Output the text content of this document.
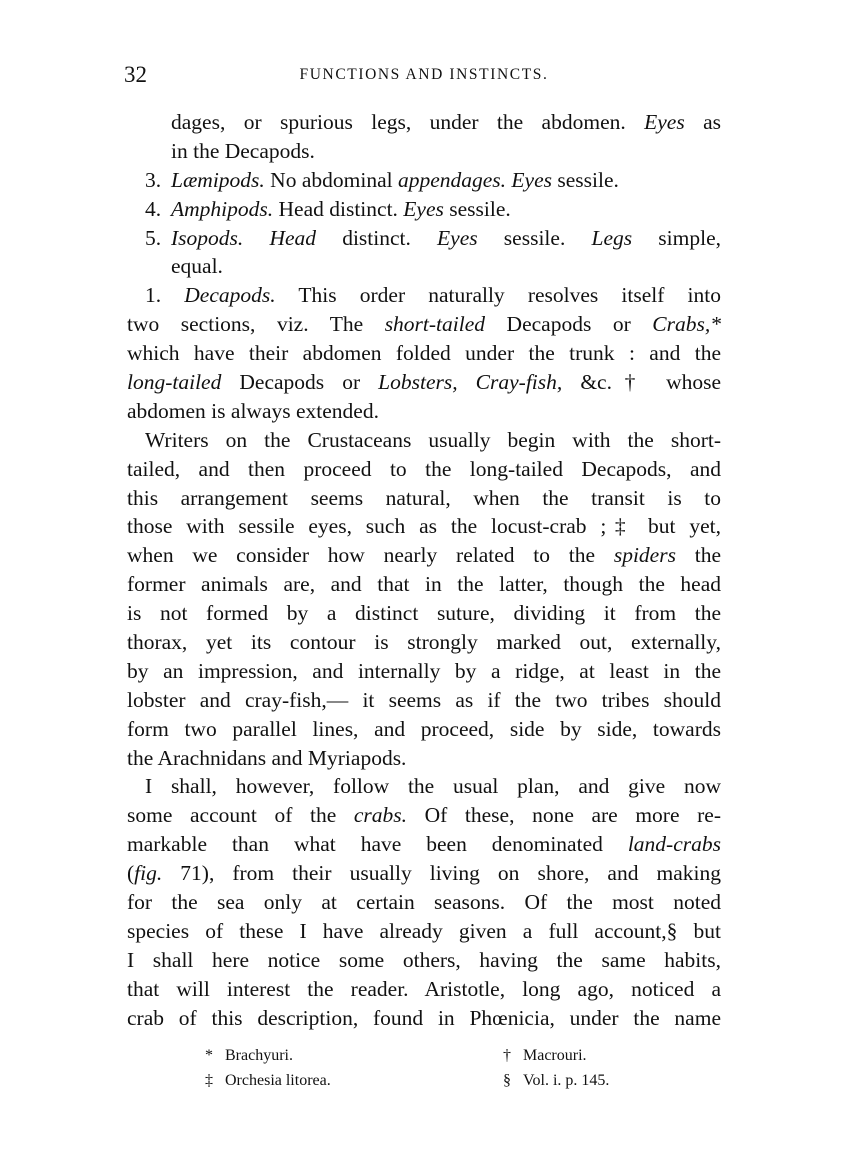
32	FUNCTIONS AND INSTINCTS.
dages, or spurious legs, under the abdomen. Eyes as
in the Decapods.
3. Læmipods. No abdominal appendages. Eyes sessile.
4. Amphipods. Head distinct. Eyes sessile.
5. Isopods. Head distinct. Eyes sessile. Legs simple,
equal.
1. Decapods. This order naturally resolves itself into
two sections, viz. The short-tailed Decapods or Crabs,*
which have their abdomen folded under the trunk : and the
long-tailed Decapods or Lobsters, Cray-fish, &c.† whose
abdomen is always extended.
Writers on the Crustaceans usually begin with the short-
tailed, and then proceed to the long-tailed Decapods, and
this arrangement seems natural, when the transit is to
those with sessile eyes, such as the locust-crab ;‡ but yet,
when we consider how nearly related to the spiders the
former animals are, and that in the latter, though the head
is not formed by a distinct suture, dividing it from the
thorax, yet its contour is strongly marked out, externally,
by an impression, and internally by a ridge, at least in the
lobster and cray-fish,— it seems as if the two tribes should
form two parallel lines, and proceed, side by side, towards
the Arachnidans and Myriapods.
I shall, however, follow the usual plan, and give now
some account of the crabs. Of these, none are more re-
markable than what have been denominated land-crabs
(fig. 71), from their usually living on shore, and making
for the sea only at certain seasons. Of the most noted
species of these I have already given a full account,§ but
I shall here notice some others, having the same habits,
that will interest the reader. Aristotle, long ago, noticed a
crab of this description, found in Phœnicia, under the name
* Brachyuri.	† Macrouri.
‡ Orchesia litorea.	§ Vol. i. p. 145.
